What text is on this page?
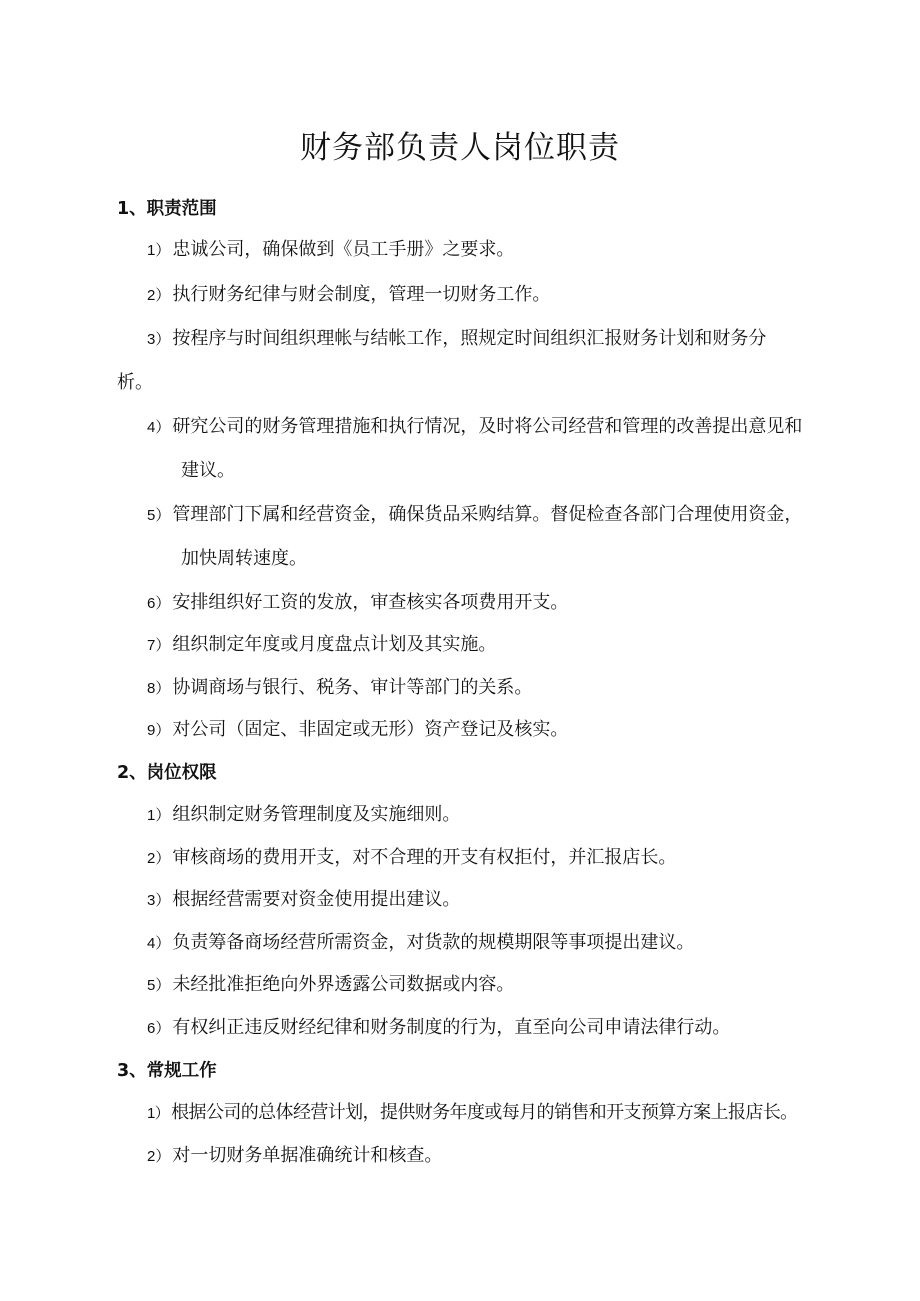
财务部负责人岗位职责
1、职责范围
1） 忠诚公司，确保做到《员工手册》之要求。
2） 执行财务纪律与财会制度，管理一切财务工作。
3） 按程序与时间组织理帐与结帐工作，照规定时间组织汇报财务计划和财务分
析。
4） 研究公司的财务管理措施和执行情况，及时将公司经营和管理的改善提出意见和
建议。
5） 管理部门下属和经营资金，确保货品采购结算。督促检查各部门合理使用资金，
加快周转速度。
6） 安排组织好工资的发放，审查核实各项费用开支。
7） 组织制定年度或月度盘点计划及其实施。
8） 协调商场与银行、税务、审计等部门的关系。
9） 对公司（固定、非固定或无形）资产登记及核实。
2、岗位权限
1） 组织制定财务管理制度及实施细则。
2） 审核商场的费用开支，对不合理的开支有权拒付，并汇报店长。
3） 根据经营需要对资金使用提出建议。
4） 负责筹备商场经营所需资金，对货款的规模期限等事项提出建议。
5） 未经批准拒绝向外界透露公司数据或内容。
6） 有权纠正违反财经纪律和财务制度的行为，直至向公司申请法律行动。
3、常规工作
1） 根据公司的总体经营计划，提供财务年度或每月的销售和开支预算方案上报店长。
2） 对一切财务单据准确统计和核查。
